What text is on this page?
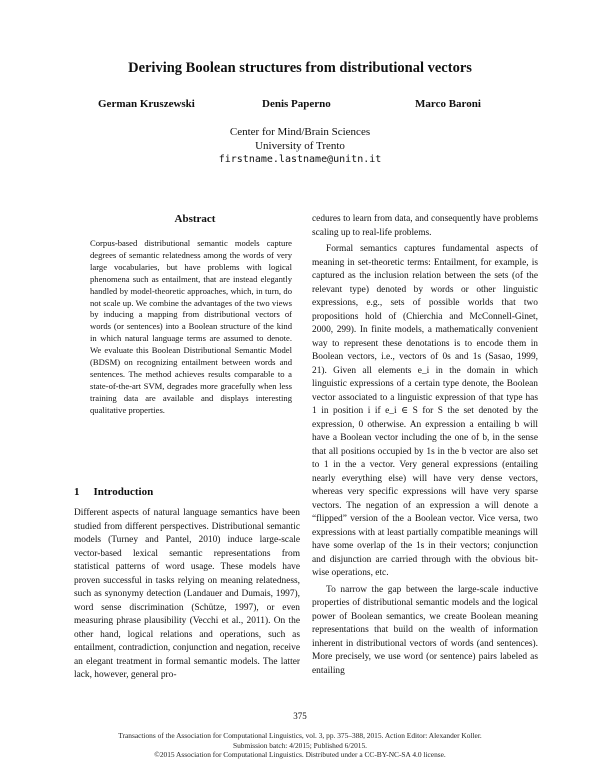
Deriving Boolean structures from distributional vectors
German Kruszewski	Denis Paperno	Marco Baroni
Center for Mind/Brain Sciences
University of Trento
firstname.lastname@unitn.it
Abstract
Corpus-based distributional semantic models capture degrees of semantic relatedness among the words of very large vocabularies, but have problems with logical phenomena such as entailment, that are instead elegantly handled by model-theoretic approaches, which, in turn, do not scale up. We combine the advantages of the two views by inducing a mapping from distributional vectors of words (or sentences) into a Boolean structure of the kind in which natural language terms are assumed to denote. We evaluate this Boolean Distributional Semantic Model (BDSM) on recognizing entailment between words and sentences. The method achieves results comparable to a state-of-the-art SVM, degrades more gracefully when less training data are available and displays interesting qualitative properties.
1 Introduction

Different aspects of natural language semantics have been studied from different perspectives. Distributional semantic models (Turney and Pantel, 2010) induce large-scale vector-based lexical semantic representations from statistical patterns of word usage. These models have proven successful in tasks relying on meaning relatedness, such as synonymy detection (Landauer and Dumais, 1997), word sense discrimination (Schütze, 1997), or even measuring phrase plausibility (Vecchi et al., 2011). On the other hand, logical relations and operations, such as entailment, contradiction, conjunction and negation, receive an elegant treatment in formal semantic models. The latter lack, however, general pro-

cedures to learn from data, and consequently have problems scaling up to real-life problems.

Formal semantics captures fundamental aspects of meaning in set-theoretic terms: Entailment, for example, is captured as the inclusion relation between the sets (of the relevant type) denoted by words or other linguistic expressions, e.g., sets of possible worlds that two propositions hold of (Chierchia and McConnell-Ginet, 2000, 299). In finite models, a mathematically convenient way to represent these denotations is to encode them in Boolean vectors, i.e., vectors of 0s and 1s (Sasao, 1999, 21). Given all elements e_i in the domain in which linguistic expressions of a certain type denote, the Boolean vector associated to a linguistic expression of that type has 1 in position i if e_i ∈ S for S the set denoted by the expression, 0 otherwise. An expression a entailing b will have a Boolean vector including the one of b, in the sense that all positions occupied by 1s in the b vector are also set to 1 in the a vector. Very general expressions (entailing nearly everything else) will have very dense vectors, whereas very specific expressions will have very sparse vectors. The negation of an expression a will denote a “flipped” version of the a Boolean vector. Vice versa, two expressions with at least partially compatible meanings will have some overlap of the 1s in their vectors; conjunction and disjunction are carried through with the obvious bit-wise operations, etc.

To narrow the gap between the large-scale inductive properties of distributional semantic models and the logical power of Boolean semantics, we create Boolean meaning representations that build on the wealth of information inherent in distributional vectors of words (and sentences). More precisely, we use word (or sentence) pairs labeled as entailing

375
Transactions of the Association for Computational Linguistics, vol. 3, pp. 375–388, 2015. Action Editor: Alexander Koller.
Submission batch: 4/2015; Published 6/2015.
©2015 Association for Computational Linguistics. Distributed under a CC-BY-NC-SA 4.0 license.
